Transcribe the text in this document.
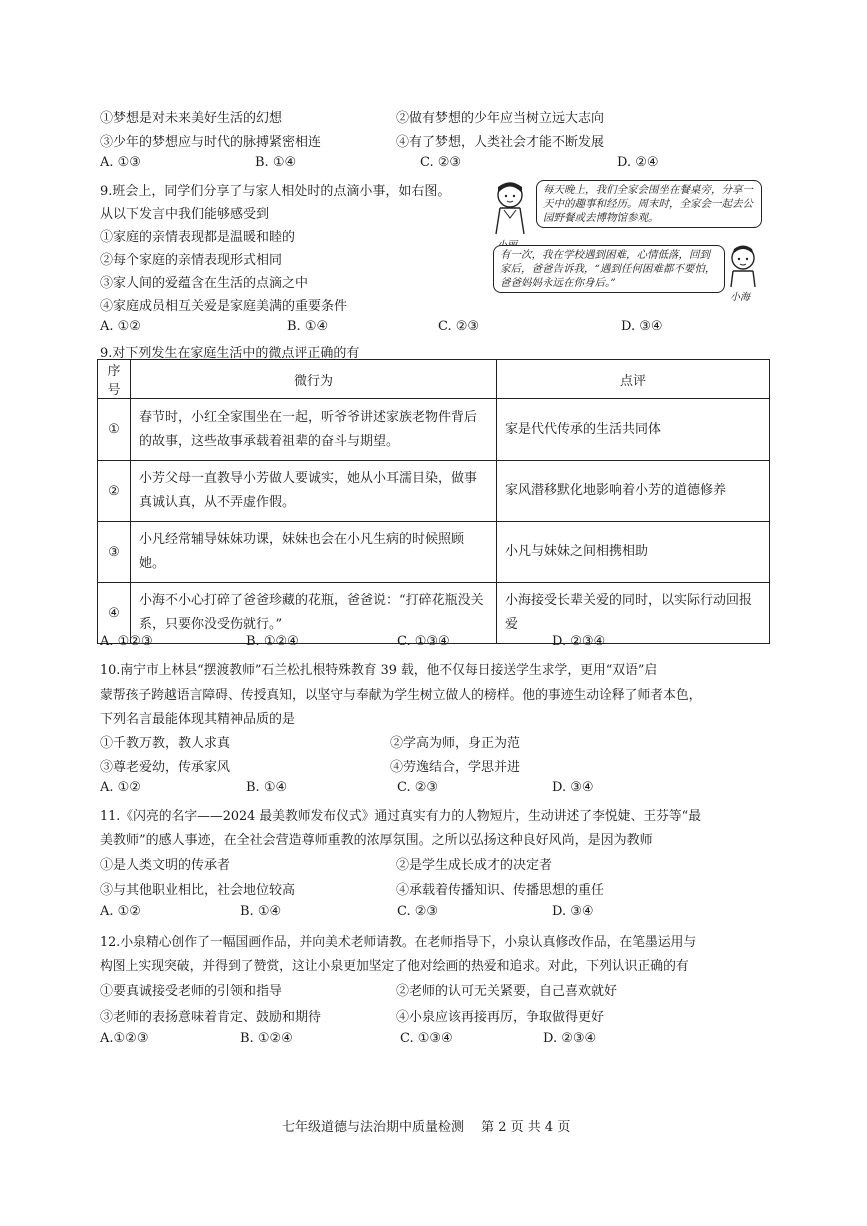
①梦想是对未来美好生活的幻想	②做有梦想的少年应当树立远大志向
③少年的梦想应与时代的脉搏紧密相连	④有了梦想，人类社会才能不断发展
A. ①③	B. ①④	C. ②③	D. ②④
9.班会上，同学们分享了与家人相处时的点滴小事，如右图。
从以下发言中我们能够感受到
①家庭的亲情表现都是温暖和睦的
②每个家庭的亲情表现形式相同
③家人间的爱蕴含在生活的点滴之中
④家庭成员相互关爱是家庭美满的重要条件
A. ①②	B. ①④	C. ②③	D. ③④
每天晚上，我们全家会围坐在餐桌旁，分享一天中的趣事和经历。周末时，全家会一起去公园野餐或去博物馆参观。
有一次，我在学校遇到困难，心情低落，回到家后，爸爸告诉我，“遇到任何困难都不要怕，爸爸妈妈永远在你身后。”
小海
9.对下列发生在家庭生活中的微点评正确的有
序号	微行为	点评
①	春节时，小红全家围坐在一起，听爷爷讲述家族老物件背后的故事，这些故事承载着祖辈的奋斗与期望。	家是代代传承的生活共同体
②	小芳父母一直教导小芳做人要诚实，她从小耳濡目染，做事真诚认真，从不弄虚作假。	家风潜移默化地影响着小芳的道德修养
③	小凡经常辅导妹妹功课，妹妹也会在小凡生病的时候照顾她。	小凡与妹妹之间相携相助
④	小海不小心打碎了爸爸珍藏的花瓶，爸爸说：“打碎花瓶没关系，只要你没受伤就行。”	小海接受长辈关爱的同时，以实际行动回报爱
A. ①②③	B. ①②④	C. ①③④	D. ②③④
10.南宁市上林县“摆渡教师”石兰松扎根特殊教育 39 载，他不仅每日接送学生求学，更用“双语”启
蒙帮孩子跨越语言障碍、传授真知，以坚守与奉献为学生树立做人的榜样。他的事迹生动诠释了师者本色，
下列名言最能体现其精神品质的是
①千教万教，教人求真	②学高为师，身正为范
③尊老爱幼，传承家风	④劳逸结合，学思并进
A. ①②	B. ①④	C. ②③	D. ③④
11.《闪亮的名字——2024 最美教师发布仪式》通过真实有力的人物短片，生动讲述了李悦婕、王芬等“最
美教师”的感人事迹，在全社会营造尊师重教的浓厚氛围。之所以弘扬这种良好风尚，是因为教师
①是人类文明的传承者	②是学生成长成才的决定者
③与其他职业相比，社会地位较高	④承载着传播知识、传播思想的重任
A. ①②	B. ①④	C. ②③	D. ③④
12.小泉精心创作了一幅国画作品，并向美术老师请教。在老师指导下，小泉认真修改作品，在笔墨运用与
构图上实现突破，并得到了赞赏，这让小泉更加坚定了他对绘画的热爱和追求。对此，下列认识正确的有
①要真诚接受老师的引领和指导	②老师的认可无关紧要，自己喜欢就好
③老师的表扬意味着肯定、鼓励和期待	④小泉应该再接再厉，争取做得更好
A.①②③	B. ①②④	C. ①③④	D. ②③④
七年级道德与法治期中质量检测　 第 2 页 共 4 页
